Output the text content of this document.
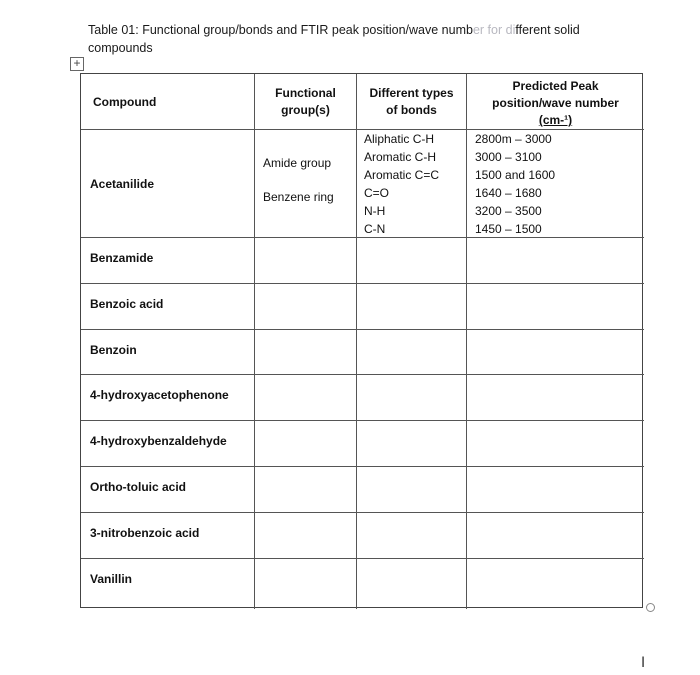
Table 01: Functional group/bonds and FTIR peak position/wave number for different solid
compounds
+
Compound
Functional
group(s)
Different types
of bonds
Predicted Peak
position/wave number
(cm-¹)
Acetanilide
Amide group
Benzene ring
Aliphatic C-H
Aromatic C-H
Aromatic C=C
C=O
N-H
C-N
2800m – 3000
3000 – 3100
1500 and 1600
1640 – 1680
3200 – 3500
1450 – 1500
Benzamide
Benzoic acid
Benzoin
4-hydroxyacetophenone
4-hydroxybenzaldehyde
Ortho-toluic acid
3-nitrobenzoic acid
Vanillin
I
